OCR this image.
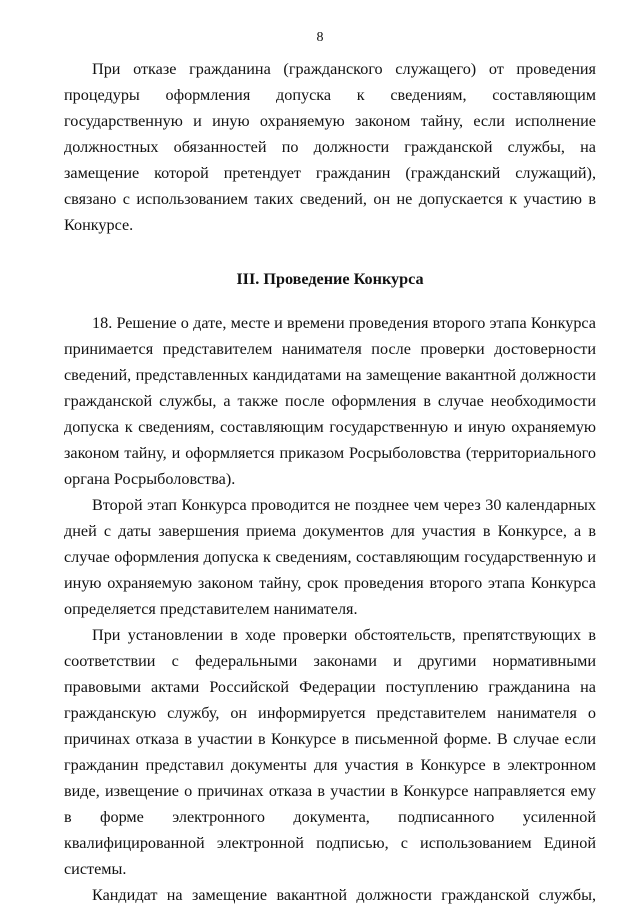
8

При отказе гражданина (гражданского служащего) от проведения процедуры оформления допуска к сведениям, составляющим государственную и иную охраняемую законом тайну, если исполнение должностных обязанностей по должности гражданской службы, на замещение которой претендует гражданин (гражданский служащий), связано с использованием таких сведений, он не допускается к участию в Конкурсе.

III. Проведение Конкурса

18. Решение о дате, месте и времени проведения второго этапа Конкурса принимается представителем нанимателя после проверки достоверности сведений, представленных кандидатами на замещение вакантной должности гражданской службы, а также после оформления в случае необходимости допуска к сведениям, составляющим государственную и иную охраняемую законом тайну, и оформляется приказом Росрыболовства (территориального органа Росрыболовства).

Второй этап Конкурса проводится не позднее чем через 30 календарных дней с даты завершения приема документов для участия в Конкурсе, а в случае оформления допуска к сведениям, составляющим государственную и иную охраняемую законом тайну, срок проведения второго этапа Конкурса определяется представителем нанимателя.

При установлении в ходе проверки обстоятельств, препятствующих в соответствии с федеральными законами и другими нормативными правовыми актами Российской Федерации поступлению гражданина на гражданскую службу, он информируется представителем нанимателя о причинах отказа в участии в Конкурсе в письменной форме. В случае если гражданин представил документы для участия в Конкурсе в электронном виде, извещение о причинах отказа в участии в Конкурсе направляется ему в форме электронного документа, подписанного усиленной квалифицированной электронной подписью, с использованием Единой системы.

Кандидат на замещение вакантной должности гражданской службы,
